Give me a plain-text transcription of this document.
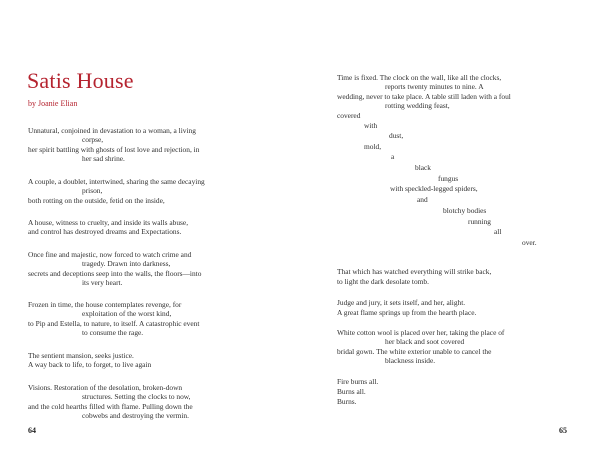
Satis House
by Joanie Elian
Unnatural, conjoined in devastation to a woman, a living
corpse,
her spirit battling with ghosts of lost love and rejection, in
her sad shrine.
A couple, a doublet, intertwined, sharing the same decaying
prison,
both rotting on the outside, fetid on the inside,
A house, witness to cruelty, and inside its walls abuse,
and control has destroyed dreams and Expectations.
Once fine and majestic, now forced to watch crime and
tragedy. Drawn into darkness,
secrets and deceptions seep into the walls, the floors—into
its very heart.
Frozen in time, the house contemplates revenge, for
exploitation of the worst kind,
to Pip and Estella, to nature, to itself. A catastrophic event
to consume the rage.
The sentient mansion, seeks justice.
A way back to life, to forget, to live again
Visions. Restoration of the desolation, broken-down
structures. Setting the clocks to now,
and the cold hearths filled with flame. Pulling down the
cobwebs and destroying the vermin.
64
Time is fixed. The clock on the wall, like all the clocks,
reports twenty minutes to nine. A
wedding, never to take place. A table still laden with a foul
rotting wedding feast,
covered
with
dust,
mold,
a
black
fungus
with speckled-legged spiders,
and
blotchy bodies
running
all
over.
That which has watched everything will strike back,
to light the dark desolate tomb.
Judge and jury, it sets itself, and her, alight.
A great flame springs up from the hearth place.
White cotton wool is placed over her, taking the place of
her black and soot covered
bridal gown. The white exterior unable to cancel the
blackness inside.
Fire burns all.
Burns all.
Burns.
65
